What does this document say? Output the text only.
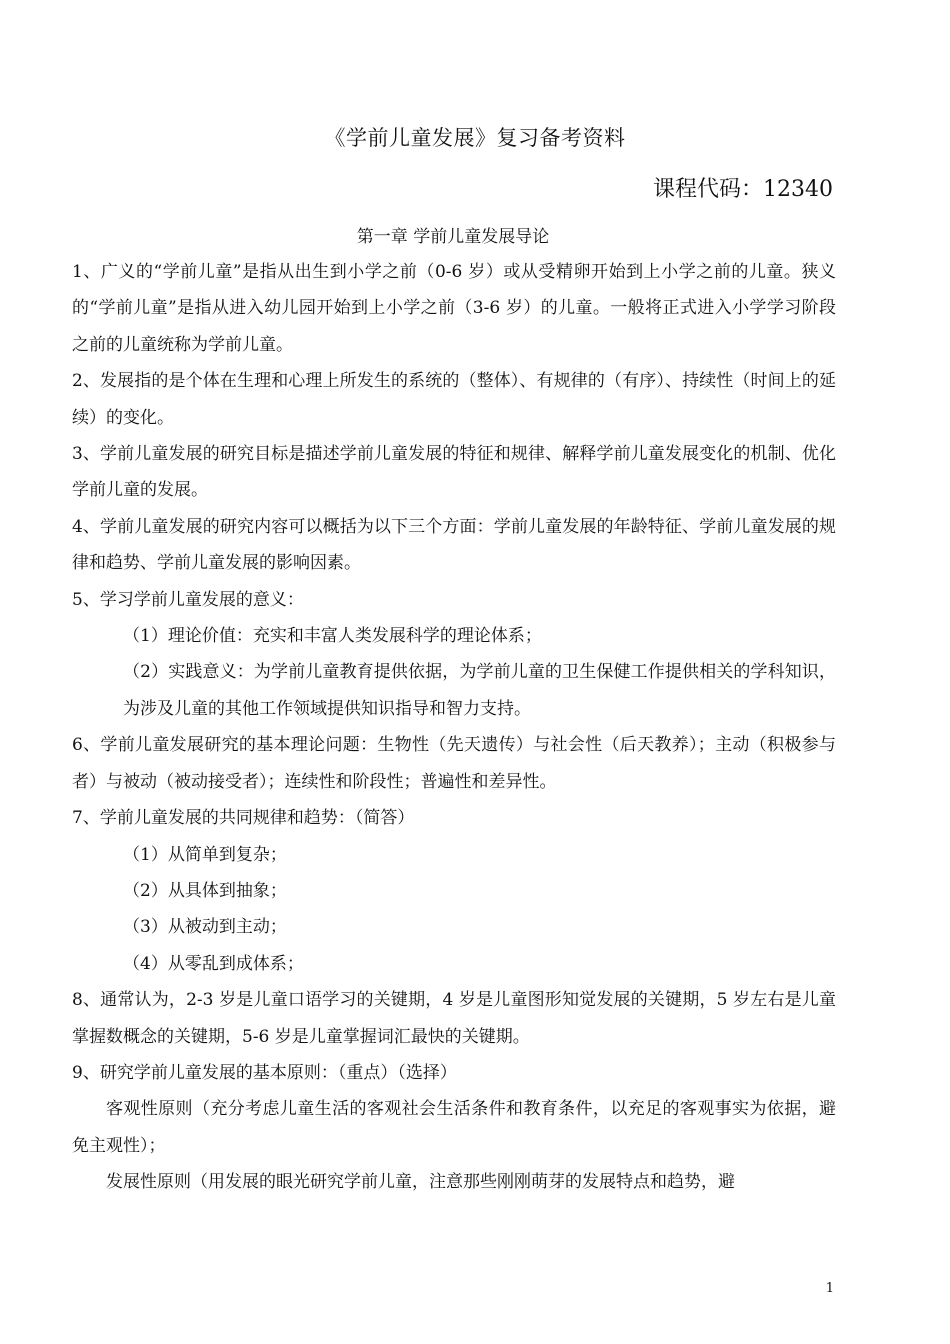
《学前儿童发展》复习备考资料
课程代码：12340
第一章 学前儿童发展导论

1、广义的“学前儿童”是指从出生到小学之前（0-6 岁）或从受精卵开始到上小学之前的儿童。狭义的“学前儿童”是指从进入幼儿园开始到上小学之前（3-6 岁）的儿童。一般将正式进入小学学习阶段之前的儿童统称为学前儿童。

2、发展指的是个体在生理和心理上所发生的系统的（整体）、有规律的（有序）、持续性（时间上的延续）的变化。

3、学前儿童发展的研究目标是描述学前儿童发展的特征和规律、解释学前儿童发展变化的机制、优化学前儿童的发展。

4、学前儿童发展的研究内容可以概括为以下三个方面：学前儿童发展的年龄特征、学前儿童发展的规律和趋势、学前儿童发展的影响因素。

5、学习学前儿童发展的意义：

（1）理论价值：充实和丰富人类发展科学的理论体系；

（2）实践意义：为学前儿童教育提供依据，为学前儿童的卫生保健工作提供相关的学科知识，为涉及儿童的其他工作领域提供知识指导和智力支持。

6、学前儿童发展研究的基本理论问题：生物性（先天遗传）与社会性（后天教养）；主动（积极参与者）与被动（被动接受者）；连续性和阶段性；普遍性和差异性。

7、学前儿童发展的共同规律和趋势：（简答）

（1）从简单到复杂；

（2）从具体到抽象；

（3）从被动到主动；

（4）从零乱到成体系；

8、通常认为，2-3 岁是儿童口语学习的关键期，4 岁是儿童图形知觉发展的关键期，5 岁左右是儿童掌握数概念的关键期，5-6 岁是儿童掌握词汇最快的关键期。

9、研究学前儿童发展的基本原则：（重点）（选择）

客观性原则（充分考虑儿童生活的客观社会生活条件和教育条件，以充足的客观事实为依据，避免主观性）；

发展性原则（用发展的眼光研究学前儿童，注意那些刚刚萌芽的发展特点和趋势，避

1
